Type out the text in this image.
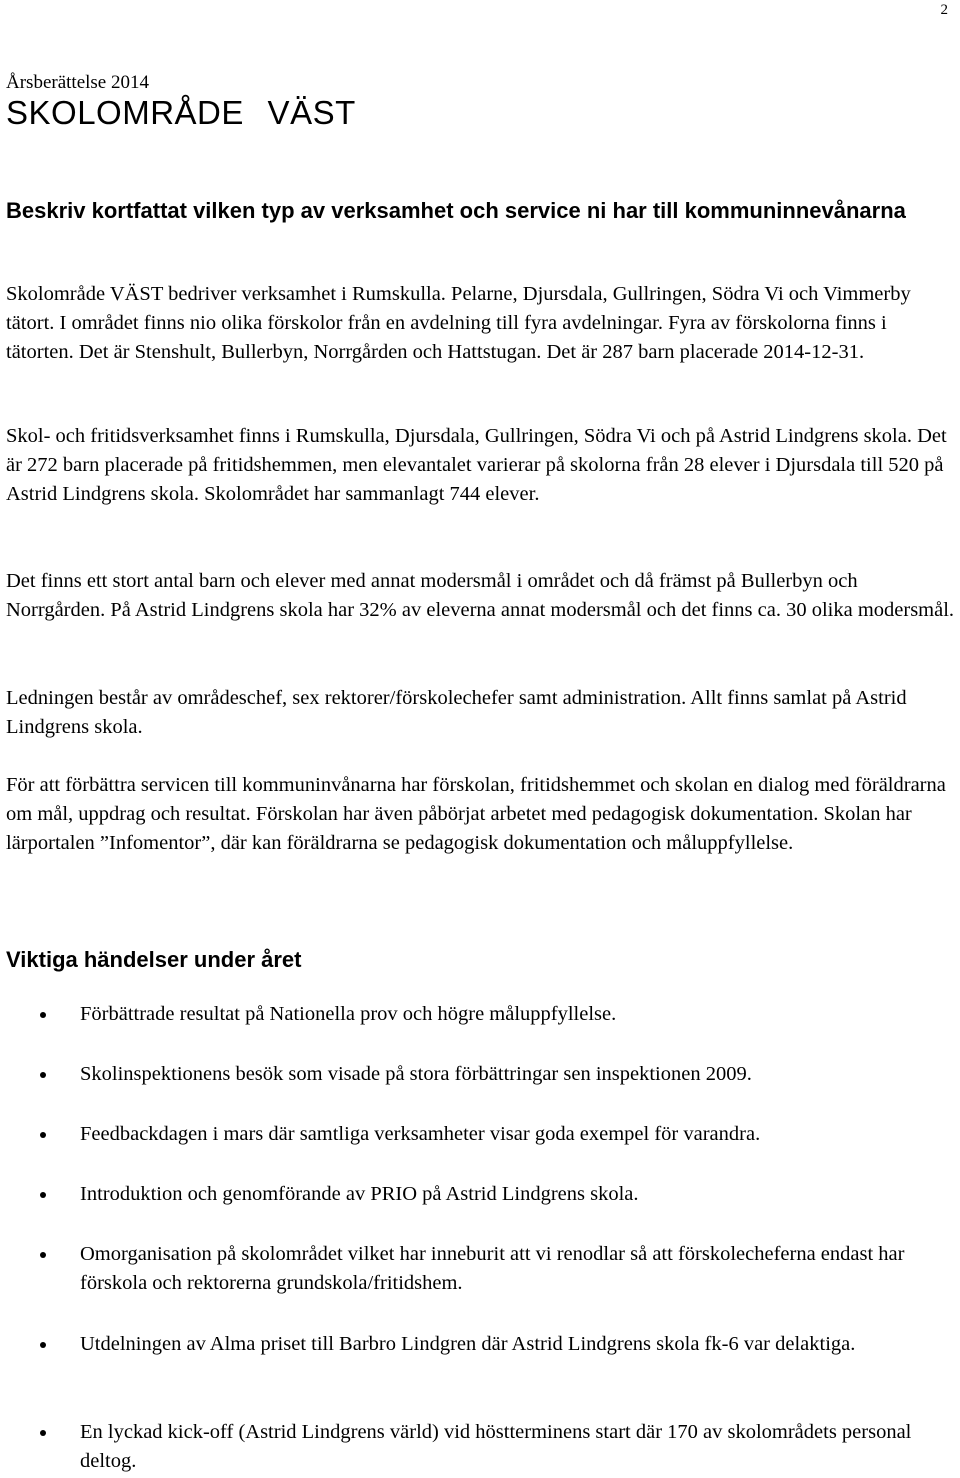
2
Årsberättelse 2014
SKOLOMRÅDE VÄST
Beskriv kortfattat vilken typ av verksamhet och service ni har till kommuninnevånarna

Skolområde VÄST bedriver verksamhet i Rumskulla. Pelarne, Djursdala, Gullringen, Södra Vi och Vimmerby tätort. I området finns nio olika förskolor från en avdelning till fyra avdelningar. Fyra av förskolorna finns i tätorten. Det är Stenshult, Bullerbyn, Norrgården och Hattstugan. Det är 287 barn placerade 2014-12-31.

Skol- och fritidsverksamhet finns i Rumskulla, Djursdala, Gullringen, Södra Vi och på Astrid Lindgrens skola. Det är 272 barn placerade på fritidshemmen, men elevantalet varierar på skolorna från 28 elever i Djursdala till 520 på Astrid Lindgrens skola. Skolområdet har sammanlagt 744 elever.

Det finns ett stort antal barn och elever med annat modersmål i området och då främst på Bullerbyn och Norrgården. På Astrid Lindgrens skola har 32% av eleverna annat modersmål och det finns ca. 30 olika modersmål.

Ledningen består av områdeschef, sex rektorer/förskolechefer samt administration. Allt finns samlat på Astrid Lindgrens skola.

För att förbättra servicen till kommuninvånarna har förskolan, fritidshemmet och skolan en dialog med föräldrarna om mål, uppdrag och resultat. Förskolan har även påbörjat arbetet med pedagogisk dokumentation. Skolan har lärportalen ”Infomentor”, där kan föräldrarna se pedagogisk dokumentation och måluppfyllelse.

Viktiga händelser under året
Förbättrade resultat på Nationella prov och högre måluppfyllelse.
Skolinspektionens besök som visade på stora förbättringar sen inspektionen 2009.
Feedbackdagen i mars där samtliga verksamheter visar goda exempel för varandra.
Introduktion och genomförande av PRIO på Astrid Lindgrens skola.
Omorganisation på skolområdet vilket har inneburit att vi renodlar så att förskolecheferna endast har förskola och rektorerna grundskola/fritidshem.
Utdelningen av Alma priset till Barbro Lindgren där Astrid Lindgrens skola fk-6 var delaktiga.
En lyckad kick-off (Astrid Lindgrens värld) vid höstterminens start där 170 av skolområdets personal deltog.
